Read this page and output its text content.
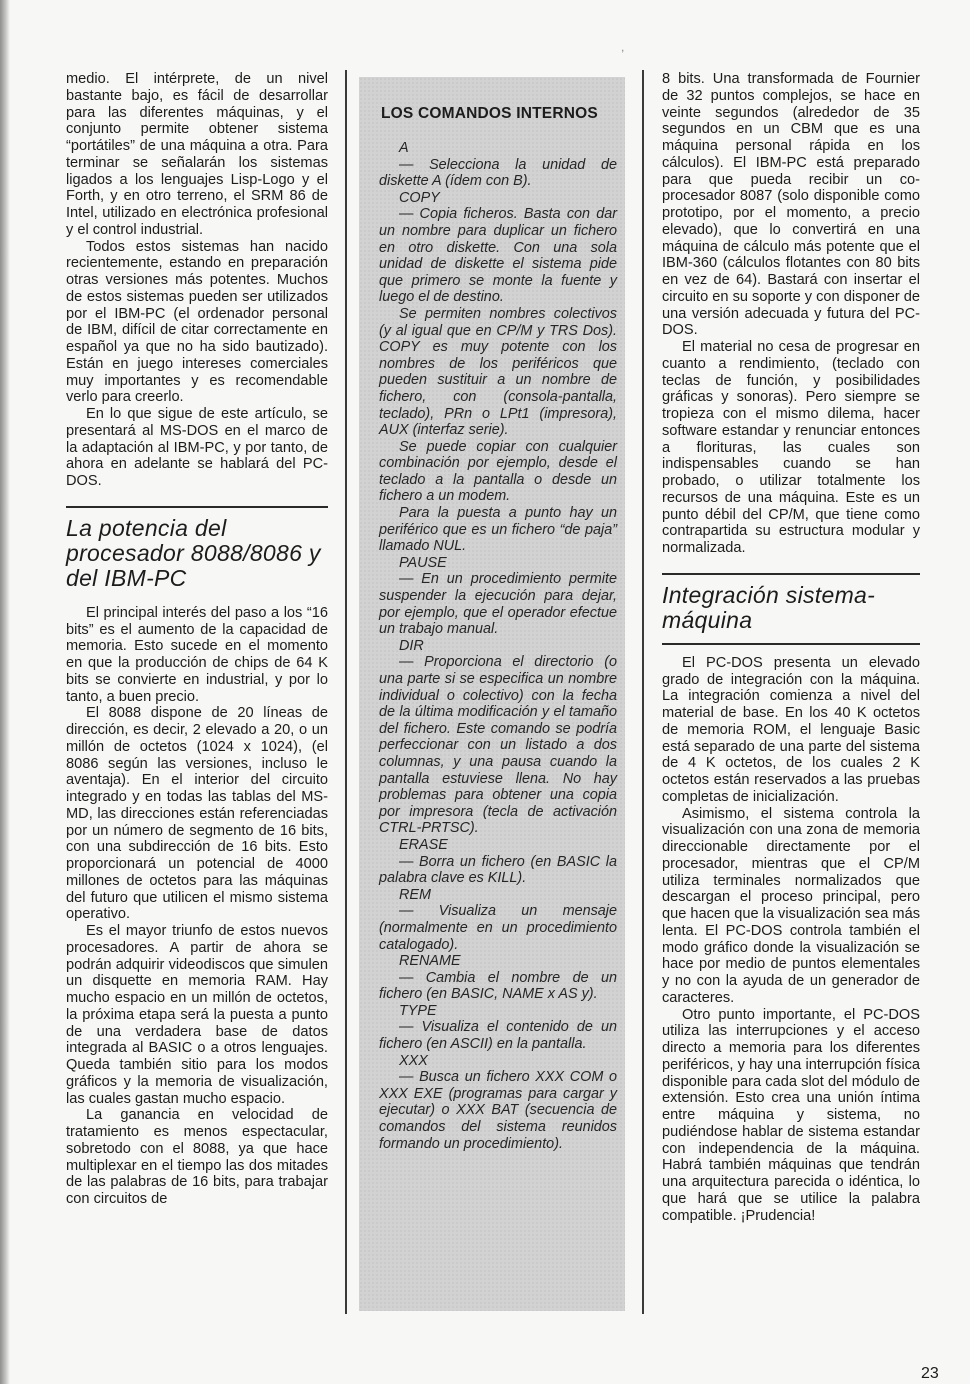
,

medio. El intérprete, de un nivel bastante bajo, es fácil de desarrollar para las diferentes máquinas, y el conjunto permite obtener sistema “portátiles” de una máquina a otra. Para terminar se señalarán los sistemas ligados a los lenguajes Lisp-Logo y el Forth, y en otro terreno, el SRM 86 de Intel, utilizado en electrónica profesional y el control industrial.

Todos estos sistemas han nacido recientemente, estando en preparación otras versiones más potentes. Muchos de estos sistemas pueden ser utilizados por el IBM-PC (el ordenador personal de IBM, difícil de citar correctamente en español ya que no ha sido bautizado). Están en juego intereses comerciales muy importantes y es recomendable verlo para creerlo.

En lo que sigue de este artículo, se presentará al MS-DOS en el marco de la adaptación al IBM-PC, y por tanto, de ahora en adelante se hablará del PC-DOS.

La potencia del procesador 8088/8086 y del IBM-PC

El principal interés del paso a los “16 bits” es el aumento de la capacidad de memoria. Esto sucede en el momento en que la producción de chips de 64 K bits se convierte en industrial, y por lo tanto, a buen precio.

El 8088 dispone de 20 líneas de dirección, es decir, 2 elevado a 20, o un millón de octetos (1024 x 1024), (el 8086 según las versiones, incluso le aventaja). En el interior del circuito integrado y en todas las tablas del MS-MD, las direcciones están referenciadas por un número de segmento de 16 bits, con una subdirección de 16 bits. Esto proporcionará un potencial de 4000 millones de octetos para las máquinas del futuro que utilicen el mismo sistema operativo.

Es el mayor triunfo de estos nuevos procesadores. A partir de ahora se podrán adquirir videodiscos que simulen un disquette en memoria RAM. Hay mucho espacio en un millón de octetos, la próxima etapa será la puesta a punto de una verdadera base de datos integrada al BASIC o a otros lenguajes. Queda también sitio para los modos gráficos y la memoria de visualización, las cuales gastan mucho espacio.

La ganancia en velocidad de tratamiento es menos espectacular, sobretodo con el 8088, ya que hace multiplexar en el tiempo las dos mitades de las palabras de 16 bits, para trabajar con circuitos de

LOS COMANDOS INTERNOS

A

— Selecciona la unidad de diskette A (ídem con B).

COPY

— Copia ficheros. Basta con dar un nombre para duplicar un fichero en otro diskette. Con una sola unidad de diskette el sistema pide que primero se monte la fuente y luego el de destino.

Se permiten nombres colectivos (y al igual que en CP/M y TRS Dos). COPY es muy potente con los nombres de los periféricos que pueden sustituir a un nombre de fichero, con (consola-pantalla, teclado), PRn o LPt1 (impresora), AUX (interfaz serie).

Se puede copiar con cualquier combinación por ejemplo, desde el teclado a la pantalla o desde un fichero a un modem.

Para la puesta a punto hay un periférico que es un fichero “de paja” llamado NUL.

PAUSE

— En un procedimiento permite suspender la ejecución para dejar, por ejemplo, que el operador efectue un trabajo manual.

DIR

— Proporciona el directorio (o una parte si se especifica un nombre individual o colectivo) con la fecha de la última modificación y el tamaño del fichero. Este comando se podría perfeccionar con un listado a dos columnas, y una pausa cuando la pantalla estuviese llena. No hay problemas para obtener una copia por impresora (tecla de activación CTRL-PRTSC).

ERASE

— Borra un fichero (en BASIC la palabra clave es KILL).

REM

— Visualiza un mensaje (normalmente en un procedimiento catalogado).

RENAME

— Cambia el nombre de un fichero (en BASIC, NAME x AS y).

TYPE

— Visualiza el contenido de un fichero (en ASCII) en la pantalla.

XXX

— Busca un fichero XXX COM o XXX EXE (programas para cargar y ejecutar) o XXX BAT (secuencia de comandos del sistema reunidos formando un procedimiento).

8 bits. Una transformada de Fournier de 32 puntos complejos, se hace en veinte segundos (alrededor de 35 segundos en un CBM que es una máquina personal rápida en los cálculos). El IBM-PC está preparado para que pueda recibir un co-procesador 8087 (solo disponible como prototipo, por el momento, a precio elevado), que lo convertirá en una máquina de cálculo más potente que el IBM-360 (cálculos flotantes con 80 bits en vez de 64). Bastará con insertar el circuito en su soporte y con disponer de una versión adecuada y futura del PC-DOS.

El material no cesa de progresar en cuanto a rendimiento, (teclado con teclas de función, y posibilidades gráficas y sonoras). Pero siempre se tropieza con el mismo dilema, hacer software estandar y renunciar entonces a florituras, las cuales son indispensables cuando se han probado, o utilizar totalmente los recursos de una máquina. Este es un punto débil del CP/M, que tiene como contrapartida su estructura modular y normalizada.

Integración sistema-máquina

El PC-DOS presenta un elevado grado de integración con la máquina. La integración comienza a nivel del material de base. En los 40 K octetos de memoria ROM, el lenguaje Basic está separado de una parte del sistema de 4 K octetos, de los cuales 2 K octetos están reservados a las pruebas completas de inicialización.

Asimismo, el sistema controla la visualización con una zona de memoria direccionable directamente por el procesador, mientras que el CP/M utiliza terminales normalizados que descargan el proceso principal, pero que hacen que la visualización sea más lenta. El PC-DOS controla también el modo gráfico donde la visualización se hace por medio de puntos elementales y no con la ayuda de un generador de caracteres.

Otro punto importante, el PC-DOS utiliza las interrupciones y el acceso directo a memoria para los diferentes periféricos, y hay una interrupción física disponible para cada slot del módulo de extensión. Esto crea una unión íntima entre máquina y sistema, no pudiéndose hablar de sistema estandar con independencia de la máquina. Habrá también máquinas que tendrán una arquitectura parecida o idéntica, lo que hará que se utilice la palabra compatible. ¡Prudencia!

23
